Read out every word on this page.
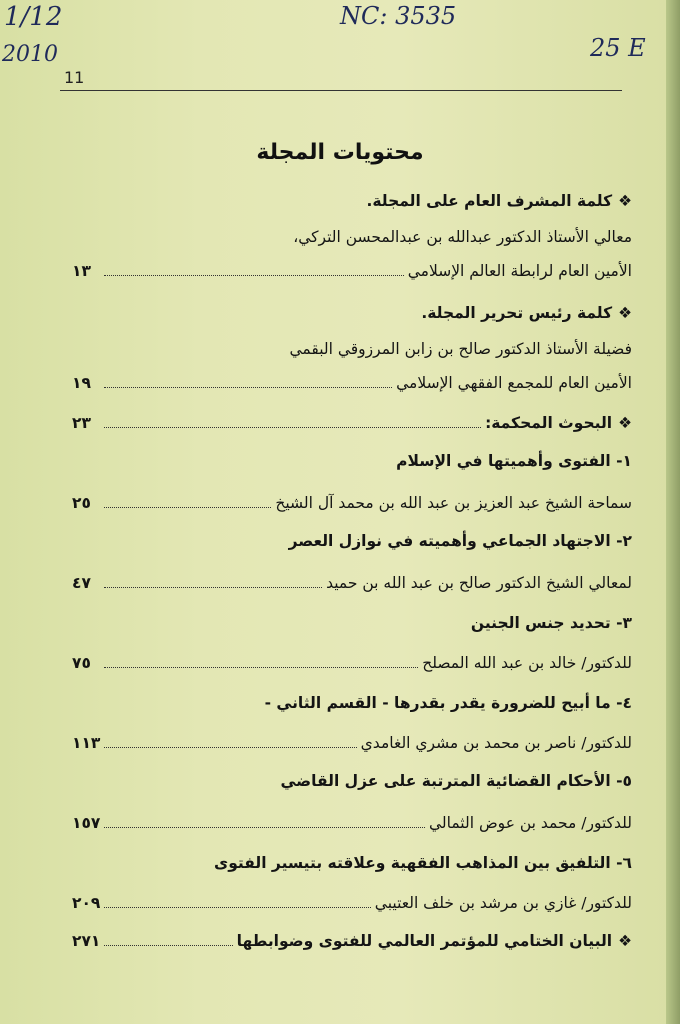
1/12
2010
NC: 3535
25 E
11
محتويات المجلة
❖كلمة المشرف العام على المجلة.
معالي الأستاذ الدكتور عبدالله بن عبدالمحسن التركي،
الأمين العام لرابطة العالم الإسلامي
١٣
❖كلمة رئيس تحرير المجلة.
فضيلة الأستاذ الدكتور صالح بن زابن المرزوقي البقمي
الأمين العام للمجمع الفقهي الإسلامي
١٩
❖البحوث المحكمة:
٢٣
١- الفتوى وأهميتها في الإسلام
سماحة الشيخ عبد العزيز بن عبد الله بن محمد آل الشيخ
٢٥
٢- الاجتهاد الجماعي وأهميته في نوازل العصر
لمعالي الشيخ الدكتور صالح بن عبد الله بن حميد
٤٧
٣- تحديد جنس الجنين
للدكتور/ خالد بن عبد الله المصلح
٧٥
٤- ما أبيح للضرورة يقدر بقدرها - القسم الثاني -
للدكتور/ ناصر بن محمد بن مشري الغامدي
١١٣
٥- الأحكام القضائية المترتبة على عزل القاضي
للدكتور/ محمد بن عوض الثمالي
١٥٧
٦- التلفيق بين المذاهب الفقهية وعلاقته بتيسير الفتوى
للدكتور/ غازي بن مرشد بن خلف العتيبي
٢٠٩
❖البيان الختامي للمؤتمر العالمي للفتوى وضوابطها
٢٧١
